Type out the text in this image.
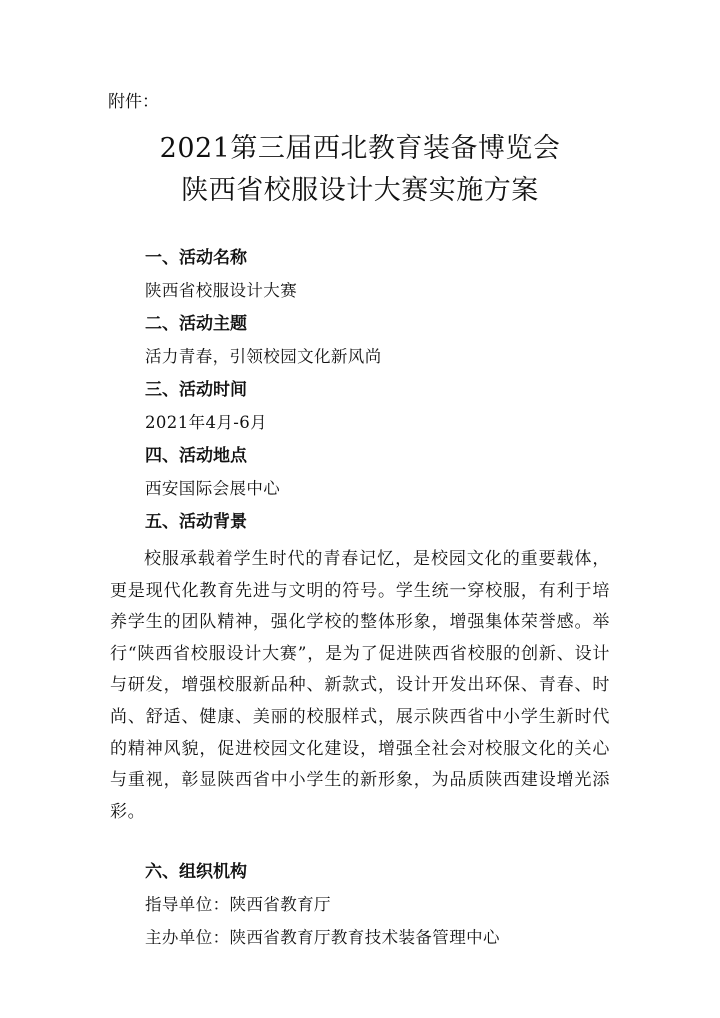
附件：
2021第三届西北教育装备博览会
陕西省校服设计大赛实施方案
一、活动名称
陕西省校服设计大赛
二、活动主题
活力青春，引领校园文化新风尚
三、活动时间
2021年4月-6月
四、活动地点
西安国际会展中心
五、活动背景
校服承载着学生时代的青春记忆，是校园文化的重要载体，更是现代化教育先进与文明的符号。学生统一穿校服，有利于培养学生的团队精神，强化学校的整体形象，增强集体荣誉感。举行“陕西省校服设计大赛”，是为了促进陕西省校服的创新、设计与研发，增强校服新品种、新款式，设计开发出环保、青春、时尚、舒适、健康、美丽的校服样式，展示陕西省中小学生新时代的精神风貌，促进校园文化建设，增强全社会对校服文化的关心与重视，彰显陕西省中小学生的新形象，为品质陕西建设增光添彩。
六、组织机构
指导单位：陕西省教育厅
主办单位：陕西省教育厅教育技术装备管理中心
